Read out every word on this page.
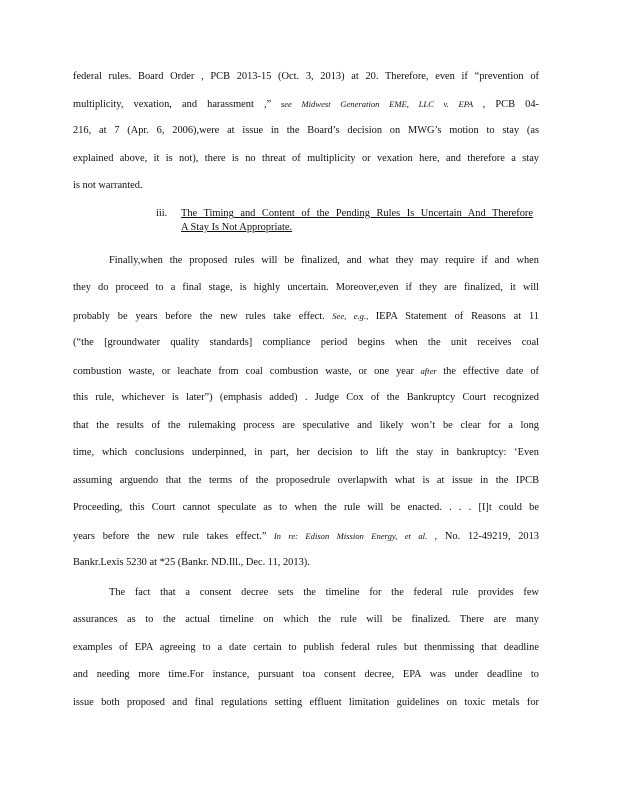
federal rules. Board Order , PCB 2013-15 (Oct. 3, 2013) at 20. Therefore, even if “prevention of
multiplicity, vexation, and harassment ,” see Midwest Generation EME, LLC v. EPA , PCB 04-
216, at 7 (Apr. 6, 2006),were at issue in the Board’s decision on MWG’s motion to stay (as
explained above, it is not), there is no threat of multiplicity or vexation here, and therefore a stay
is not warranted.
iii. The Timing and Content of the Pending Rules Is Uncertain And Therefore
A Stay Is Not Appropriate.
Finally,when the proposed rules will be finalized, and what they may require if and when
they do proceed to a final stage, is highly uncertain. Moreover,even if they are finalized, it will
probably be years before the new rules take effect. See, e.g., IEPA Statement of Reasons at 11
(“the [groundwater quality standards] compliance period begins when the unit receives coal
combustion waste, or leachate from coal combustion waste, or one year after the effective date of
this rule, whichever is later”) (emphasis added) . Judge Cox of the Bankruptcy Court recognized
that the results of the rulemaking process are speculative and likely won’t be clear for a long
time, which conclusions underpinned, in part, her decision to lift the stay in bankruptcy: ‘Even
assuming arguendo that the terms of the proposedrule overlapwith what is at issue in the IPCB
Proceeding, this Court cannot speculate as to when the rule will be enacted. . . . [I]t could be
years before the new rule takes effect.” In re: Edison Mission Energy, et al. , No. 12-49219, 2013
Bankr.Lexis 5230 at *25 (Bankr. ND.Ill., Dec. 11, 2013).
The fact that a consent decree sets the timeline for the federal rule provides few
assurances as to the actual timeline on which the rule will be finalized. There are many
examples of EPA agreeing to a date certain to publish federal rules but thenmissing that deadline
and needing more time.For instance, pursuant toa consent decree, EPA was under deadline to
issue both proposed and final regulations setting effluent limitation guidelines on toxic metals for
